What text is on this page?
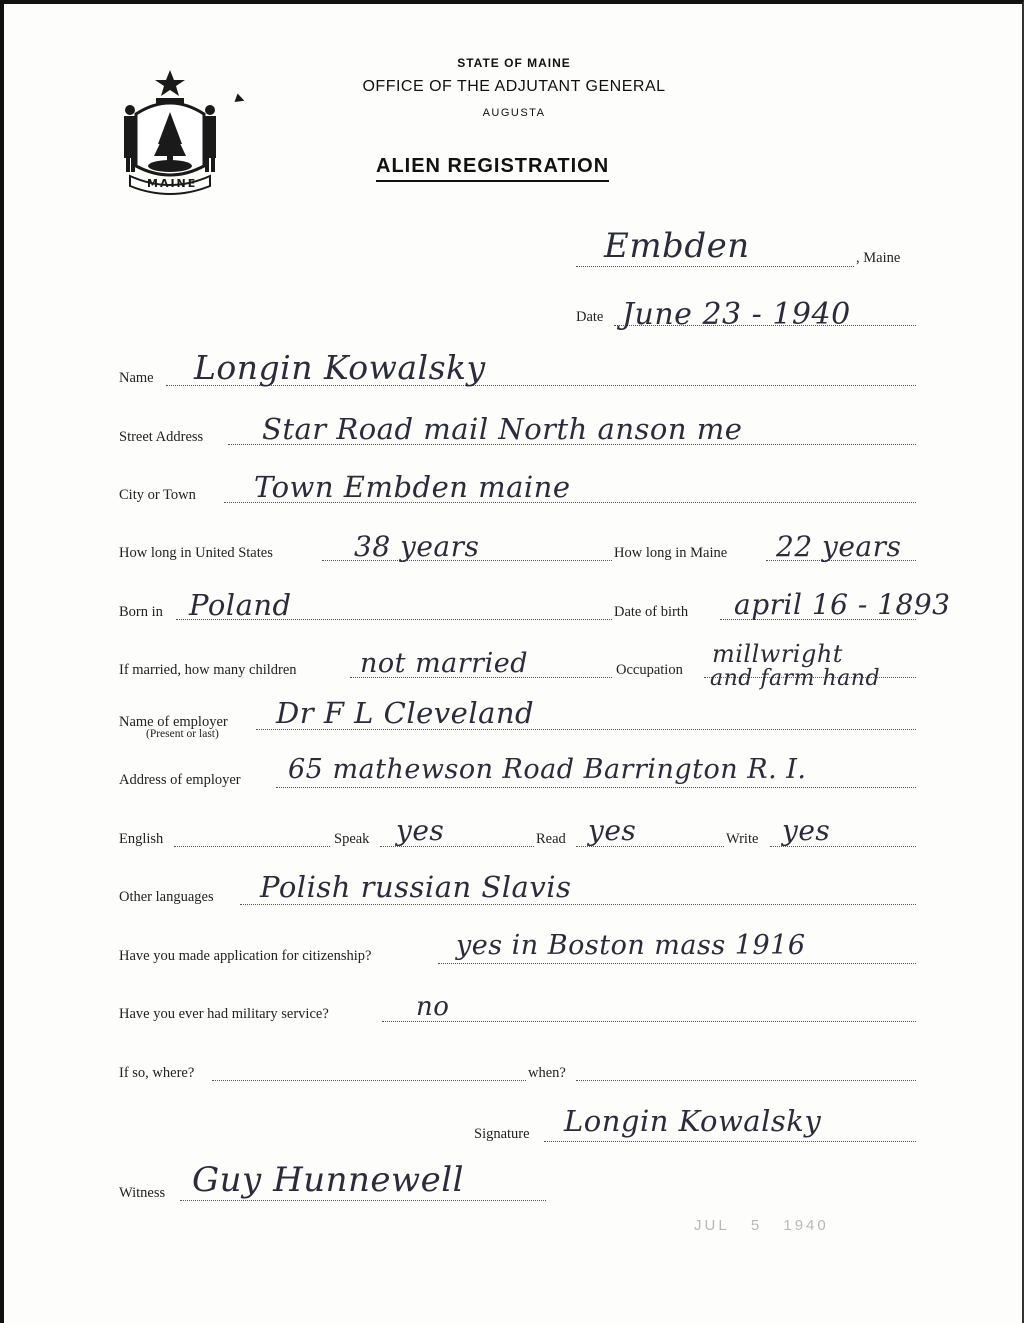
MAINE
▸
STATE OF MAINE
OFFICE OF THE ADJUTANT GENERAL
AUGUSTA
ALIEN REGISTRATION
Embden	, Maine
Date June 23 - 1940
Name Longin Kowalsky
Street Address Star Road mail North anson me
City or Town Town Embden maine
How long in United States	38 years	How long in Maine 22 years
Born in Poland	Date of birth april 16 - 1893
If married, how many children not married	Occupation
millwright
and farm hand
Name of employer
(Present or last)
Dr F L Cleveland
Address of employer 65 mathewson Road Barrington R. I.
English	Speak yes	Read yes	Write yes
Other languages Polish russian Slavis
Have you made application for citizenship?	yes in Boston mass 1916
Have you ever had military service?	no
If so, where?	when?
Signature Longin Kowalsky
Witness Guy Hunnewell
JUL 5 1940
